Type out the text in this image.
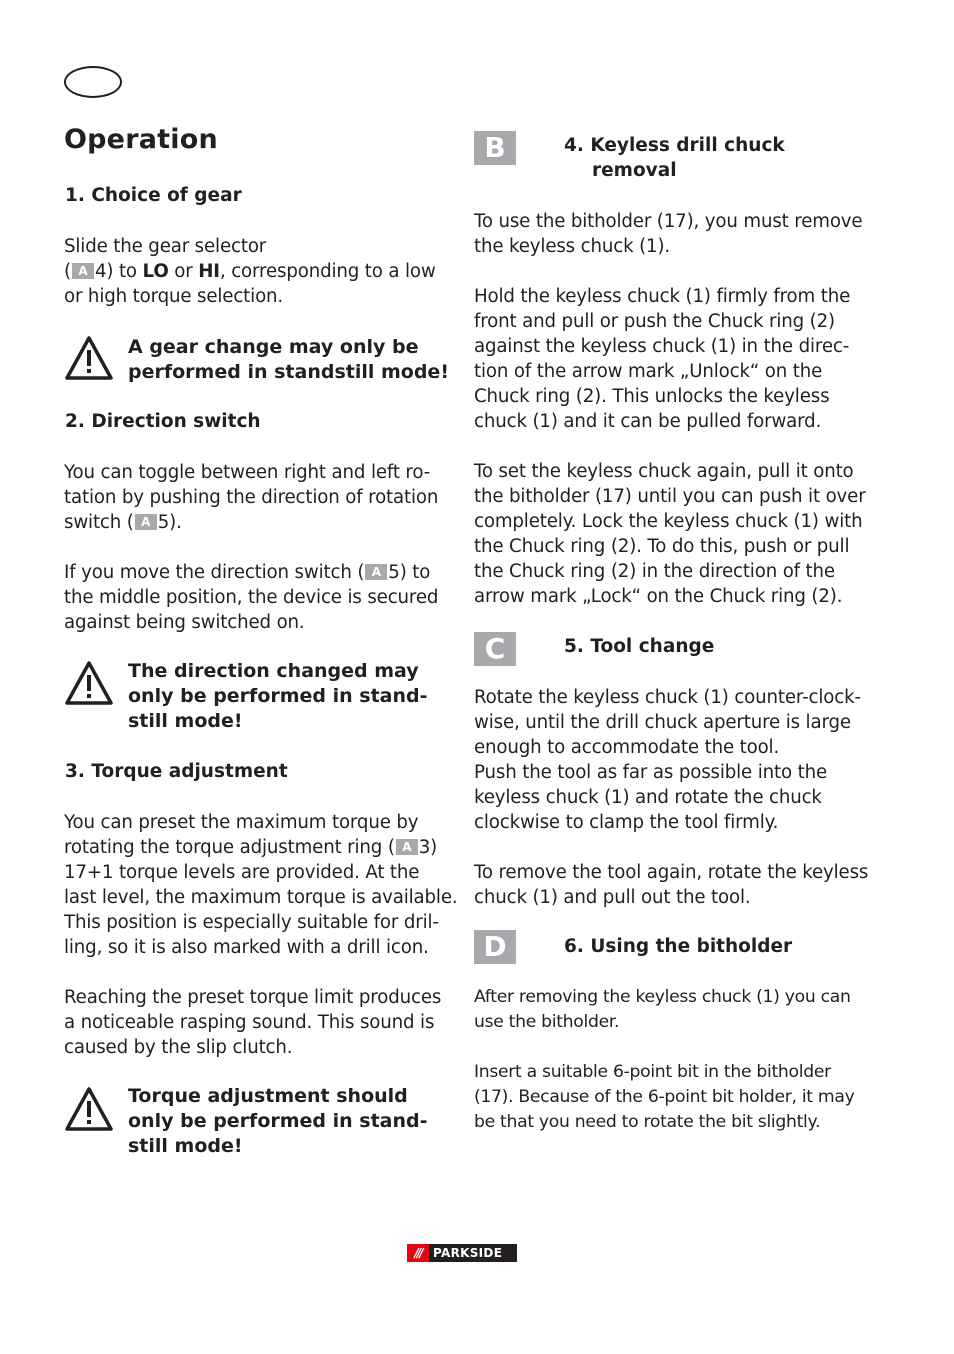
Operation
1. Choice of gear

Slide the gear selector

( A 4) to LO or HI, corresponding to a low

or high torque selection.

A gear change may only be

performed in standstill mode!

2. Direction switch

You can toggle between right and left ro-

tation by pushing the direction of rotation

switch ( A 5).

If you move the direction switch ( A 5) to

the middle position, the device is secured

against being switched on.

The direction changed may

only be performed in stand-

still mode!

3. Torque adjustment

You can preset the maximum torque by

rotating the torque adjustment ring ( A 3)

17+1 torque levels are provided. At the

last level, the maximum torque is available.

This position is especially suitable for dril-

ling, so it is also marked with a drill icon.

Reaching the preset torque limit produces

a noticeable rasping sound. This sound is

caused by the slip clutch.

Torque adjustment should

only be performed in stand-

still mode!

B	4. Keyless drill chuck
removal

To use the bitholder (17), you must remove

the keyless chuck (1).

Hold the keyless chuck (1) firmly from the

front and pull or push the Chuck ring (2)

against the keyless chuck (1) in the direc-

tion of the arrow mark „Unlock“ on the

Chuck ring (2). This unlocks the keyless

chuck (1) and it can be pulled forward.

To set the keyless chuck again, pull it onto

the bitholder (17) until you can push it over

completely. Lock the keyless chuck (1) with

the Chuck ring (2). To do this, push or pull

the Chuck ring (2) in the direction of the

arrow mark „Lock“ on the Chuck ring (2).

C	5. Tool change

Rotate the keyless chuck (1) counter-clock-

wise, until the drill chuck aperture is large

enough to accommodate the tool.

Push the tool as far as possible into the

keyless chuck (1) and rotate the chuck

clockwise to clamp the tool firmly.

To remove the tool again, rotate the keyless

chuck (1) and pull out the tool.

D	6. Using the bitholder

After removing the keyless chuck (1) you can

use the bitholder.

Insert a suitable 6-point bit in the bitholder

(17). Because of the 6-point bit holder, it may

be that you need to rotate the bit slightly.

/// PARKSIDE
